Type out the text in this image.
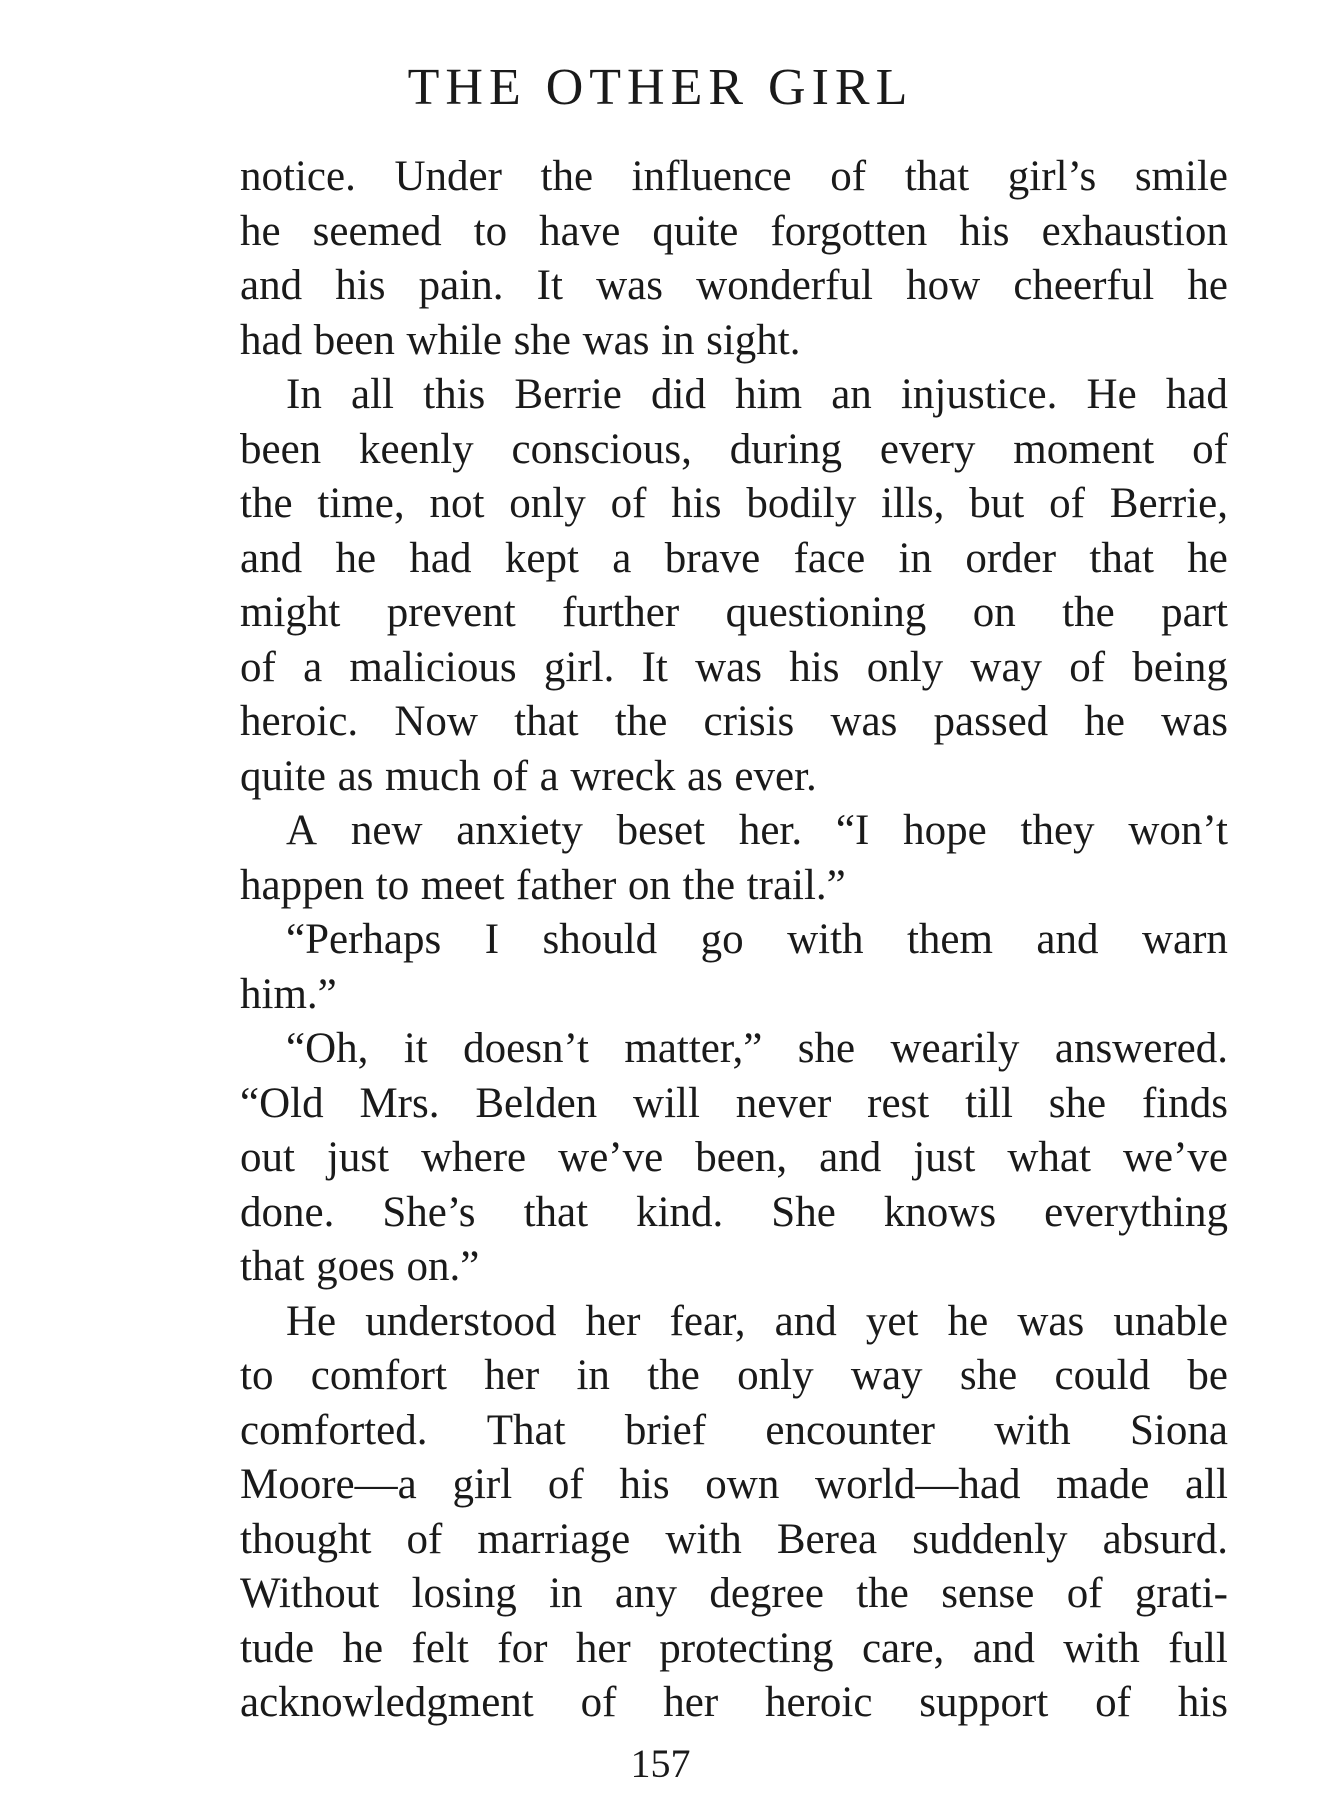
THE OTHER GIRL
notice. Under the influence of that girl’s smile
he seemed to have quite forgotten his exhaustion
and his pain. It was wonderful how cheerful he
had been while she was in sight.
In all this Berrie did him an injustice. He had
been keenly conscious, during every moment of
the time, not only of his bodily ills, but of Berrie,
and he had kept a brave face in order that he
might prevent further questioning on the part
of a malicious girl. It was his only way of being
heroic. Now that the crisis was passed he was
quite as much of a wreck as ever.
A new anxiety beset her. “I hope they won’t
happen to meet father on the trail.”
“Perhaps I should go with them and warn
him.”
“Oh, it doesn’t matter,” she wearily answered.
“Old Mrs. Belden will never rest till she finds
out just where we’ve been, and just what we’ve
done. She’s that kind. She knows everything
that goes on.”
He understood her fear, and yet he was unable
to comfort her in the only way she could be
comforted. That brief encounter with Siona
Moore—a girl of his own world—had made all
thought of marriage with Berea suddenly absurd.
Without losing in any degree the sense of grati-
tude he felt for her protecting care, and with full
acknowledgment of her heroic support of his
157
